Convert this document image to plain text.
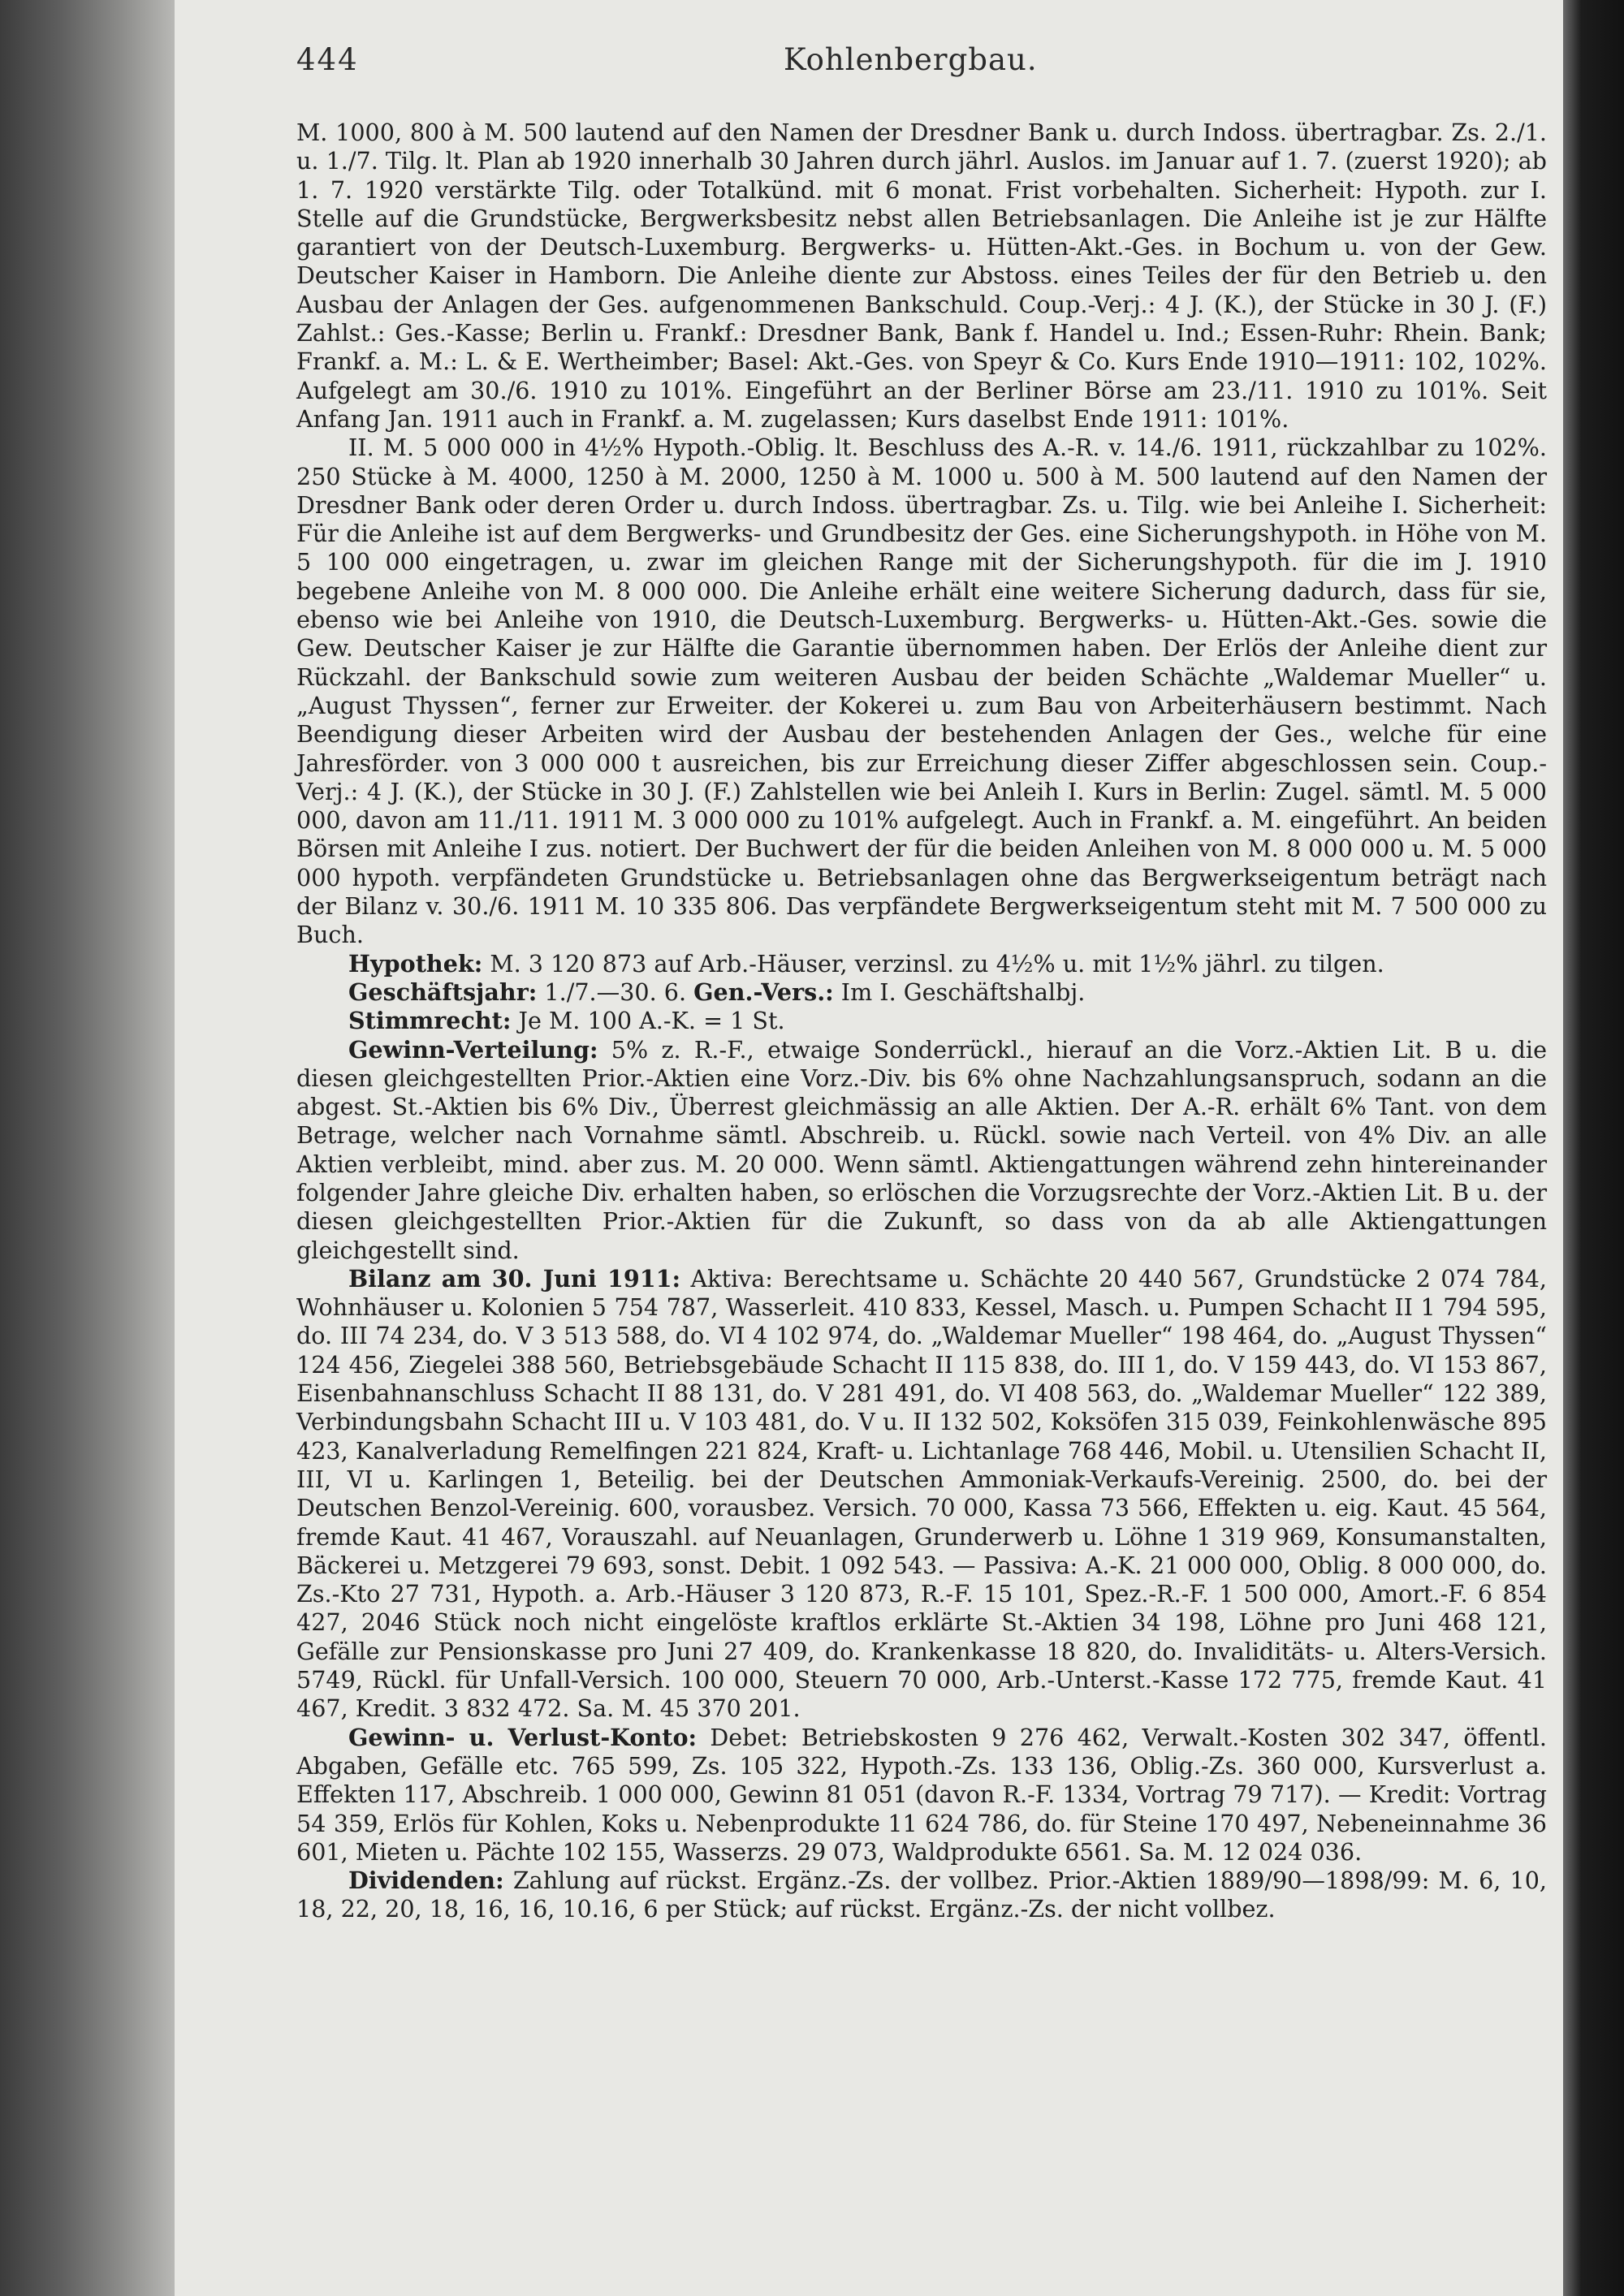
444	Kohlenbergbau.

M. 1000, 800 à M. 500 lautend auf den Namen der Dresdner Bank u. durch Indoss. übertragbar. Zs. 2./1. u. 1./7. Tilg. lt. Plan ab 1920 innerhalb 30 Jahren durch jährl. Auslos. im Januar auf 1. 7. (zuerst 1920); ab 1. 7. 1920 verstärkte Tilg. oder Totalkünd. mit 6 monat. Frist vorbehalten. Sicherheit: Hypoth. zur I. Stelle auf die Grundstücke, Bergwerksbesitz nebst allen Betriebsanlagen. Die Anleihe ist je zur Hälfte garantiert von der Deutsch-Luxemburg. Bergwerks- u. Hütten-Akt.-Ges. in Bochum u. von der Gew. Deutscher Kaiser in Hamborn. Die Anleihe diente zur Abstoss. eines Teiles der für den Betrieb u. den Ausbau der Anlagen der Ges. aufgenommenen Bankschuld. Coup.-Verj.: 4 J. (K.), der Stücke in 30 J. (F.) Zahlst.: Ges.-Kasse; Berlin u. Frankf.: Dresdner Bank, Bank f. Handel u. Ind.; Essen-Ruhr: Rhein. Bank; Frankf. a. M.: L. & E. Wertheimber; Basel: Akt.-Ges. von Speyr & Co. Kurs Ende 1910—1911: 102, 102%. Aufgelegt am 30./6. 1910 zu 101%. Eingeführt an der Berliner Börse am 23./11. 1910 zu 101%. Seit Anfang Jan. 1911 auch in Frankf. a. M. zugelassen; Kurs daselbst Ende 1911: 101%.

II. M. 5 000 000 in 4½% Hypoth.-Oblig. lt. Beschluss des A.-R. v. 14./6. 1911, rückzahlbar zu 102%. 250 Stücke à M. 4000, 1250 à M. 2000, 1250 à M. 1000 u. 500 à M. 500 lautend auf den Namen der Dresdner Bank oder deren Order u. durch Indoss. übertragbar. Zs. u. Tilg. wie bei Anleihe I. Sicherheit: Für die Anleihe ist auf dem Bergwerks- und Grundbesitz der Ges. eine Sicherungshypoth. in Höhe von M. 5 100 000 eingetragen, u. zwar im gleichen Range mit der Sicherungshypoth. für die im J. 1910 begebene Anleihe von M. 8 000 000. Die Anleihe erhält eine weitere Sicherung dadurch, dass für sie, ebenso wie bei Anleihe von 1910, die Deutsch-Luxemburg. Bergwerks- u. Hütten-Akt.-Ges. sowie die Gew. Deutscher Kaiser je zur Hälfte die Garantie übernommen haben. Der Erlös der Anleihe dient zur Rückzahl. der Bankschuld sowie zum weiteren Ausbau der beiden Schächte „Waldemar Mueller“ u. „August Thyssen“, ferner zur Erweiter. der Kokerei u. zum Bau von Arbeiterhäusern bestimmt. Nach Beendigung dieser Arbeiten wird der Ausbau der bestehenden Anlagen der Ges., welche für eine Jahresförder. von 3 000 000 t ausreichen, bis zur Erreichung dieser Ziffer abgeschlossen sein. Coup.-Verj.: 4 J. (K.), der Stücke in 30 J. (F.) Zahlstellen wie bei Anleih I. Kurs in Berlin: Zugel. sämtl. M. 5 000 000, davon am 11./11. 1911 M. 3 000 000 zu 101% aufgelegt. Auch in Frankf. a. M. eingeführt. An beiden Börsen mit Anleihe I zus. notiert. Der Buchwert der für die beiden Anleihen von M. 8 000 000 u. M. 5 000 000 hypoth. verpfändeten Grundstücke u. Betriebsanlagen ohne das Bergwerkseigentum beträgt nach der Bilanz v. 30./6. 1911 M. 10 335 806. Das verpfändete Bergwerkseigentum steht mit M. 7 500 000 zu Buch.

Hypothek: M. 3 120 873 auf Arb.-Häuser, verzinsl. zu 4½% u. mit 1½% jährl. zu tilgen.

Geschäftsjahr: 1./7.—30. 6. Gen.-Vers.: Im I. Geschäftshalbj.

Stimmrecht: Je M. 100 A.-K. = 1 St.

Gewinn-Verteilung: 5% z. R.-F., etwaige Sonderrückl., hierauf an die Vorz.-Aktien Lit. B u. die diesen gleichgestellten Prior.-Aktien eine Vorz.-Div. bis 6% ohne Nachzahlungsanspruch, sodann an die abgest. St.-Aktien bis 6% Div., Überrest gleichmässig an alle Aktien. Der A.-R. erhält 6% Tant. von dem Betrage, welcher nach Vornahme sämtl. Abschreib. u. Rückl. sowie nach Verteil. von 4% Div. an alle Aktien verbleibt, mind. aber zus. M. 20 000. Wenn sämtl. Aktiengattungen während zehn hintereinander folgender Jahre gleiche Div. erhalten haben, so erlöschen die Vorzugsrechte der Vorz.-Aktien Lit. B u. der diesen gleichgestellten Prior.-Aktien für die Zukunft, so dass von da ab alle Aktiengattungen gleichgestellt sind.

Bilanz am 30. Juni 1911: Aktiva: Berechtsame u. Schächte 20 440 567, Grundstücke 2 074 784, Wohnhäuser u. Kolonien 5 754 787, Wasserleit. 410 833, Kessel, Masch. u. Pumpen Schacht II 1 794 595, do. III 74 234, do. V 3 513 588, do. VI 4 102 974, do. „Waldemar Mueller“ 198 464, do. „August Thyssen“ 124 456, Ziegelei 388 560, Betriebsgebäude Schacht II 115 838, do. III 1, do. V 159 443, do. VI 153 867, Eisenbahnanschluss Schacht II 88 131, do. V 281 491, do. VI 408 563, do. „Waldemar Mueller“ 122 389, Verbindungsbahn Schacht III u. V 103 481, do. V u. II 132 502, Koksöfen 315 039, Feinkohlenwäsche 895 423, Kanalverladung Remelfingen 221 824, Kraft- u. Lichtanlage 768 446, Mobil. u. Utensilien Schacht II, III, VI u. Karlingen 1, Beteilig. bei der Deutschen Ammoniak-Verkaufs-Vereinig. 2500, do. bei der Deutschen Benzol-Vereinig. 600, vorausbez. Versich. 70 000, Kassa 73 566, Effekten u. eig. Kaut. 45 564, fremde Kaut. 41 467, Vorauszahl. auf Neuanlagen, Grunderwerb u. Löhne 1 319 969, Konsumanstalten, Bäckerei u. Metzgerei 79 693, sonst. Debit. 1 092 543. — Passiva: A.-K. 21 000 000, Oblig. 8 000 000, do. Zs.-Kto 27 731, Hypoth. a. Arb.-Häuser 3 120 873, R.-F. 15 101, Spez.-R.-F. 1 500 000, Amort.-F. 6 854 427, 2046 Stück noch nicht eingelöste kraftlos erklärte St.-Aktien 34 198, Löhne pro Juni 468 121, Gefälle zur Pensionskasse pro Juni 27 409, do. Krankenkasse 18 820, do. Invaliditäts- u. Alters-Versich. 5749, Rückl. für Unfall-Versich. 100 000, Steuern 70 000, Arb.-Unterst.-Kasse 172 775, fremde Kaut. 41 467, Kredit. 3 832 472. Sa. M. 45 370 201.

Gewinn- u. Verlust-Konto: Debet: Betriebskosten 9 276 462, Verwalt.-Kosten 302 347, öffentl. Abgaben, Gefälle etc. 765 599, Zs. 105 322, Hypoth.-Zs. 133 136, Oblig.-Zs. 360 000, Kursverlust a. Effekten 117, Abschreib. 1 000 000, Gewinn 81 051 (davon R.-F. 1334, Vortrag 79 717). — Kredit: Vortrag 54 359, Erlös für Kohlen, Koks u. Nebenprodukte 11 624 786, do. für Steine 170 497, Nebeneinnahme 36 601, Mieten u. Pächte 102 155, Wasserzs. 29 073, Waldprodukte 6561. Sa. M. 12 024 036.

Dividenden: Zahlung auf rückst. Ergänz.-Zs. der vollbez. Prior.-Aktien 1889/90—1898/99: M. 6, 10, 18, 22, 20, 18, 16, 16, 10.16, 6 per Stück; auf rückst. Ergänz.-Zs. der nicht vollbez.
